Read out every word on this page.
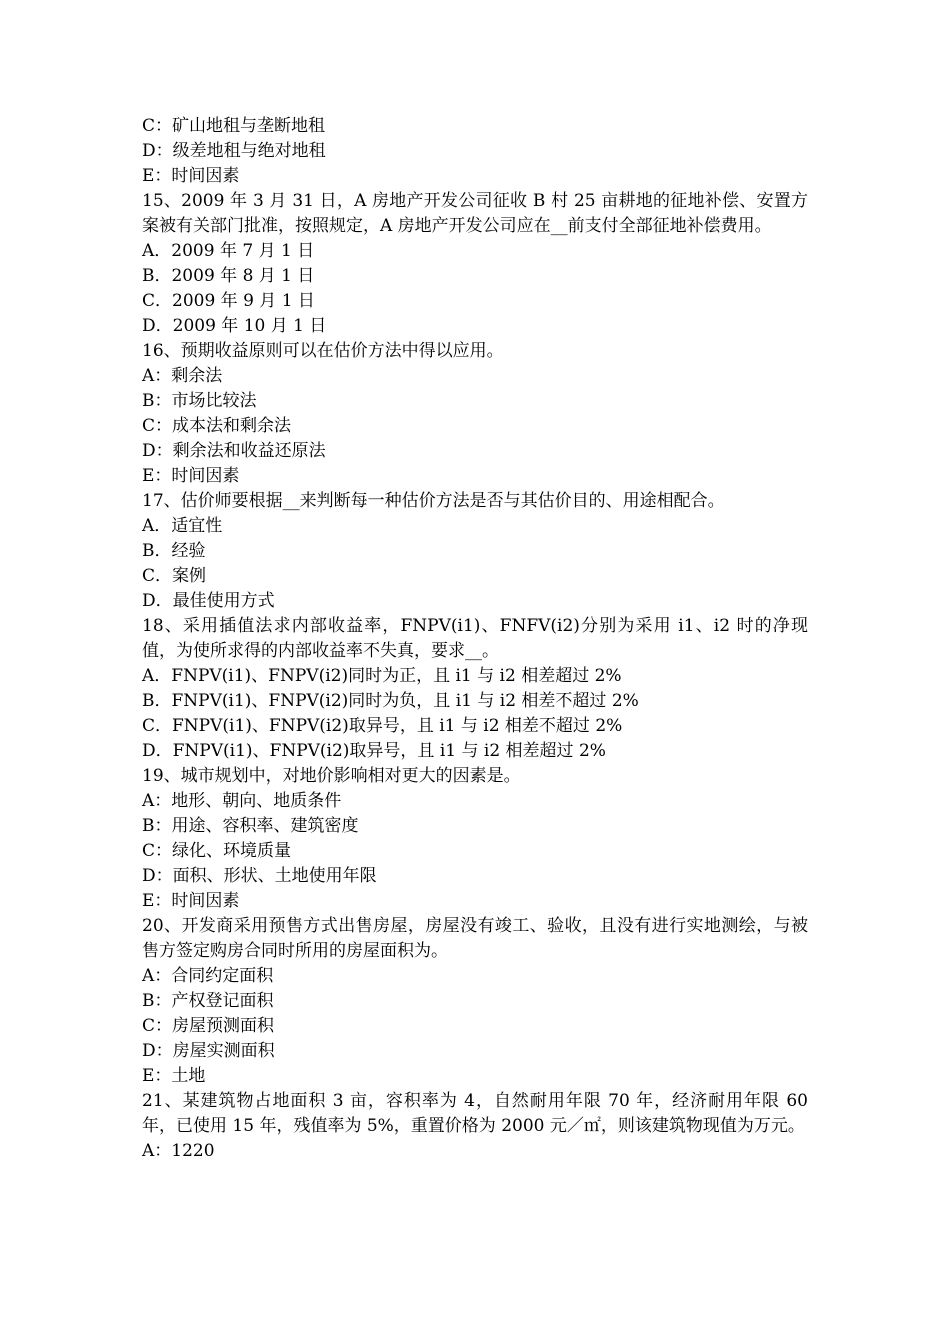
C：矿山地租与垄断地租
D：级差地租与绝对地租
E：时间因素
15、2009 年 3 月 31 日，A 房地产开发公司征收 B 村 25 亩耕地的征地补偿、安置方案被有关部门批准，按照规定，A 房地产开发公司应在__前支付全部征地补偿费用。
A．2009 年 7 月 1 日
B．2009 年 8 月 1 日
C．2009 年 9 月 1 日
D．2009 年 10 月 1 日
16、预期收益原则可以在估价方法中得以应用。
A：剩余法
B：市场比较法
C：成本法和剩余法
D：剩余法和收益还原法
E：时间因素
17、估价师要根据__来判断每一种估价方法是否与其估价目的、用途相配合。
A．适宜性
B．经验
C．案例
D．最佳使用方式
18、采用插值法求内部收益率，FNPV(i1)、FNFV(i2)分别为采用 i1、i2 时的净现值，为使所求得的内部收益率不失真，要求__。
A．FNPV(i1)、FNPV(i2)同时为正，且 i1 与 i2 相差超过 2%
B．FNPV(i1)、FNPV(i2)同时为负，且 i1 与 i2 相差不超过 2%
C．FNPV(i1)、FNPV(i2)取异号，且 i1 与 i2 相差不超过 2%
D．FNPV(i1)、FNPV(i2)取异号，且 i1 与 i2 相差超过 2%
19、城市规划中，对地价影响相对更大的因素是。
A：地形、朝向、地质条件
B：用途、容积率、建筑密度
C：绿化、环境质量
D：面积、形状、土地使用年限
E：时间因素
20、开发商采用预售方式出售房屋，房屋没有竣工、验收，且没有进行实地测绘，与被售方签定购房合同时所用的房屋面积为。
A：合同约定面积
B：产权登记面积
C：房屋预测面积
D：房屋实测面积
E：土地
21、某建筑物占地面积 3 亩，容积率为 4，自然耐用年限 70 年，经济耐用年限 60 年，已使用 15 年，残值率为 5%，重置价格为 2000 元／㎡，则该建筑物现值为万元。
A：1220
